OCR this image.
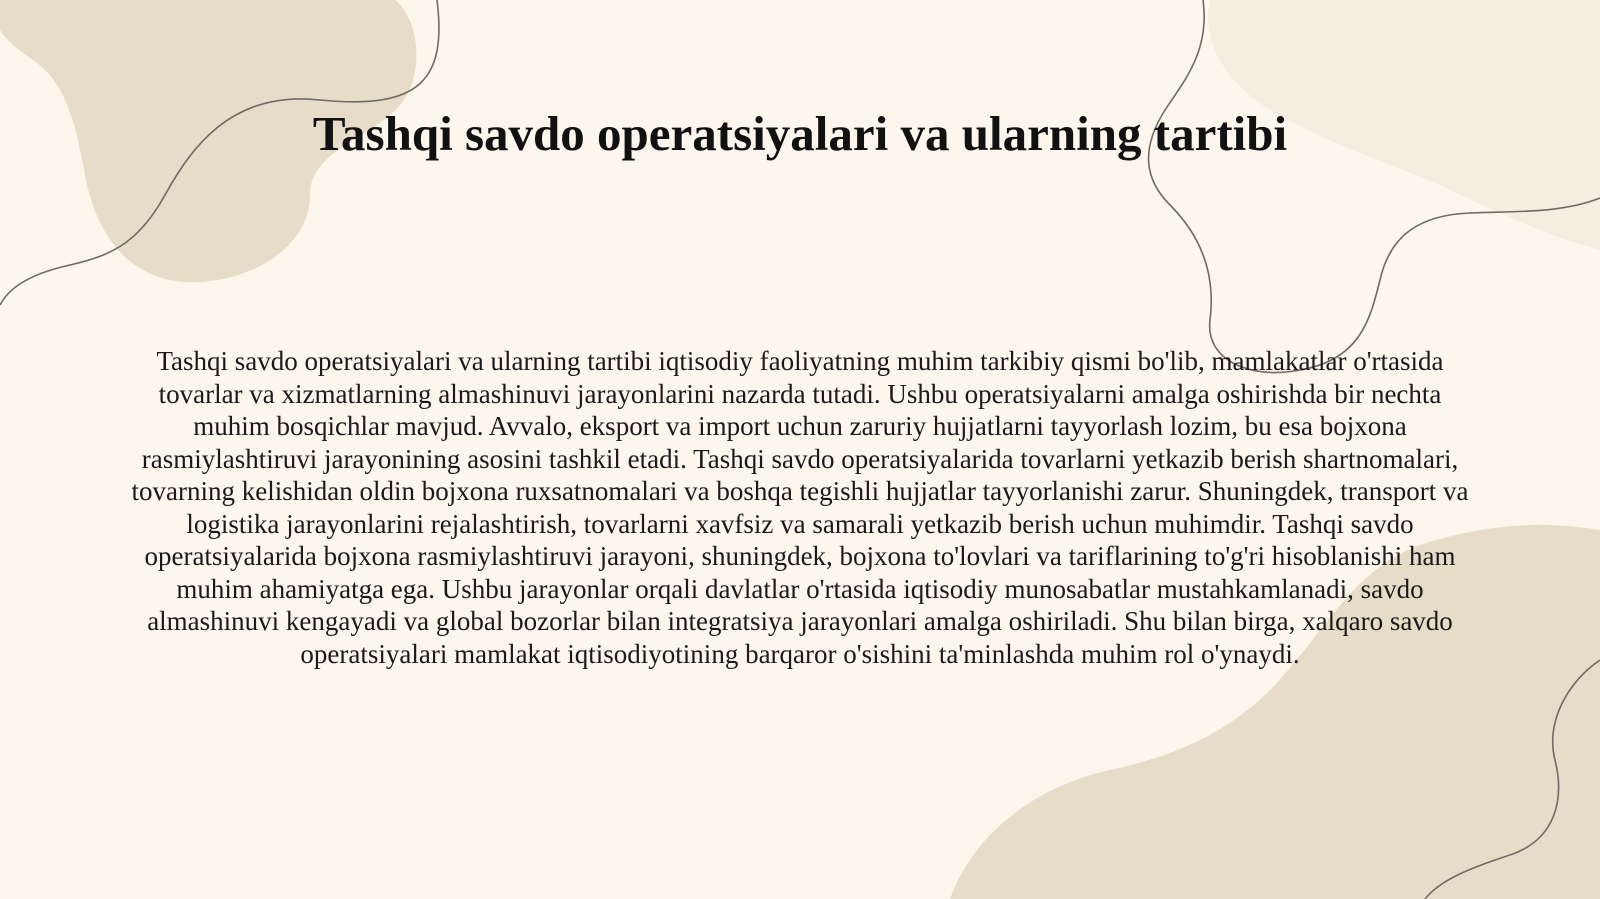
Tashqi savdo operatsiyalari va ularning tartibi

Tashqi savdo operatsiyalari va ularning tartibi iqtisodiy faoliyatning muhim tarkibiy qismi bo'lib, mamlakatlar o'rtasida tovarlar va xizmatlarning almashinuvi jarayonlarini nazarda tutadi. Ushbu operatsiyalarni amalga oshirishda bir nechta muhim bosqichlar mavjud. Avvalo, eksport va import uchun zaruriy hujjatlarni tayyorlash lozim, bu esa bojxona rasmiylashtiruvi jarayonining asosini tashkil etadi. Tashqi savdo operatsiyalarida tovarlarni yetkazib berish shartnomalari, tovarning kelishidan oldin bojxona ruxsatnomalari va boshqa tegishli hujjatlar tayyorlanishi zarur. Shuningdek, transport va logistika jarayonlarini rejalashtirish, tovarlarni xavfsiz va samarali yetkazib berish uchun muhimdir. Tashqi savdo operatsiyalarida bojxona rasmiylashtiruvi jarayoni, shuningdek, bojxona to'lovlari va tariflarining to'g'ri hisoblanishi ham muhim ahamiyatga ega. Ushbu jarayonlar orqali davlatlar o'rtasida iqtisodiy munosabatlar mustahkamlanadi, savdo almashinuvi kengayadi va global bozorlar bilan integratsiya jarayonlari amalga oshiriladi. Shu bilan birga, xalqaro savdo operatsiyalari mamlakat iqtisodiyotining barqaror o'sishini ta'minlashda muhim rol o'ynaydi.
